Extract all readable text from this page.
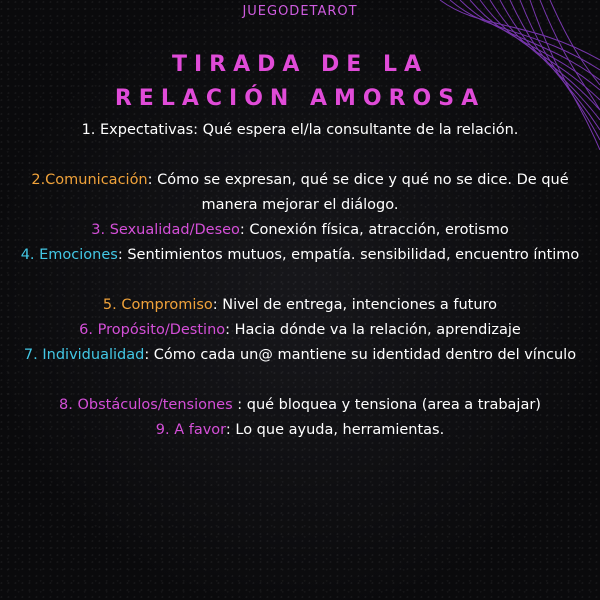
JUEGODETAROT
TIRADA DE LA
RELACIÓN AMOROSA

1. Expectativas: Qué espera el/la consultante de la relación.

2.Comunicación: Cómo se expresan, qué se dice y qué no se dice. De qué manera mejorar el diálogo.

3. Sexualidad/Deseo: Conexión física, atracción, erotismo

4. Emociones: Sentimientos mutuos, empatía. sensibilidad, encuentro íntimo

5. Compromiso: Nivel de entrega, intenciones a futuro

6. Propósito/Destino: Hacia dónde va la relación, aprendizaje

7. Individualidad: Cómo cada un@ mantiene su identidad dentro del vínculo

8. Obstáculos/tensiones : qué bloquea y tensiona (area a trabajar)

9. A favor: Lo que ayuda, herramientas.
